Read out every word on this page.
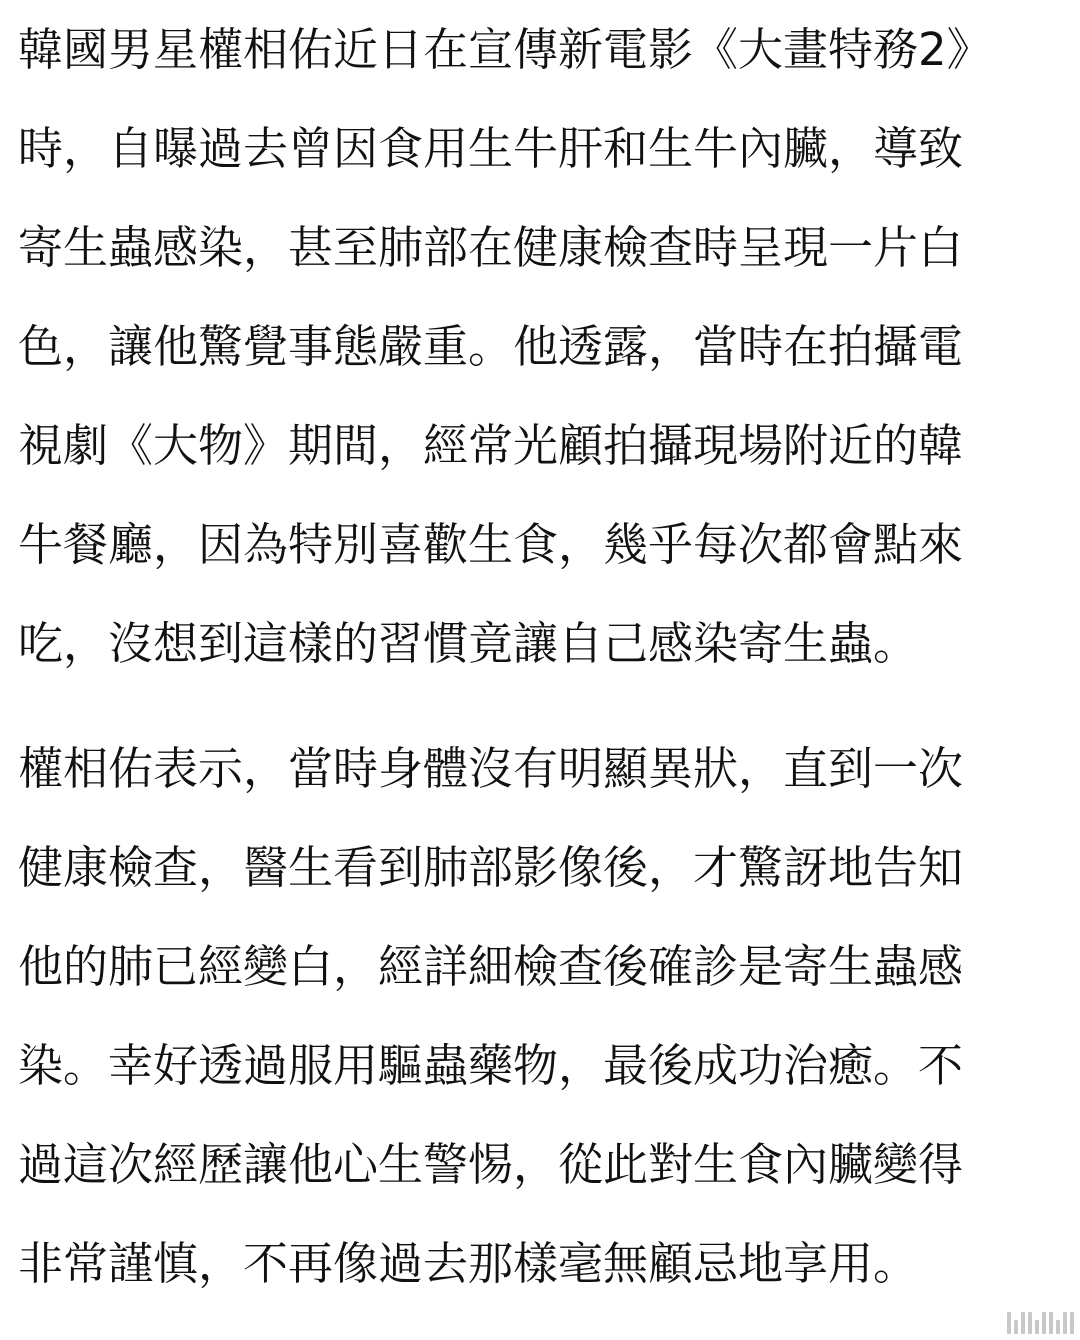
韓國男星權相佑近日在宣傳新電影《大畫特務2》
時，自曝過去曾因食用生牛肝和生牛內臟，導致
寄生蟲感染，甚至肺部在健康檢查時呈現一片白
色，讓他驚覺事態嚴重。他透露，當時在拍攝電
視劇《大物》期間，經常光顧拍攝現場附近的韓
牛餐廳，因為特別喜歡生食，幾乎每次都會點來
吃，沒想到這樣的習慣竟讓自己感染寄生蟲。
權相佑表示，當時身體沒有明顯異狀，直到一次
健康檢查，醫生看到肺部影像後，才驚訝地告知
他的肺已經變白，經詳細檢查後確診是寄生蟲感
染。幸好透過服用驅蟲藥物，最後成功治癒。不
過這次經歷讓他心生警惕，從此對生食內臟變得
非常謹慎，不再像過去那樣毫無顧忌地享用。
